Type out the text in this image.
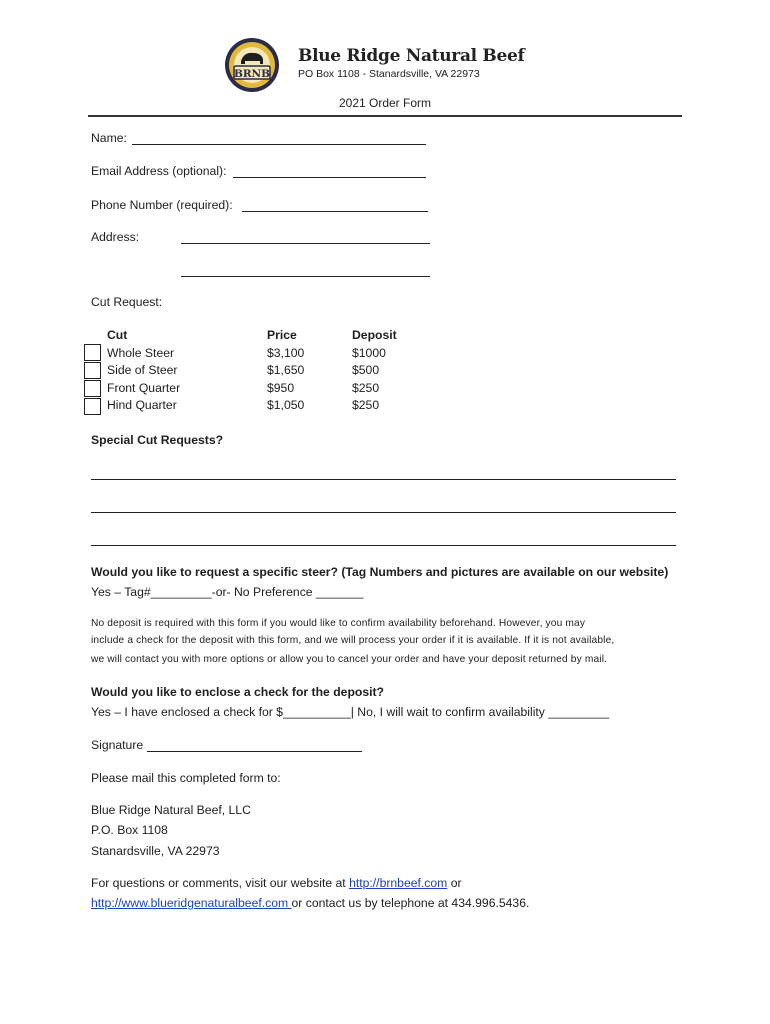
BRNB
Blue Ridge Natural Beef
PO Box 1108 - Stanardsville, VA 22973
2021 Order Form
Name:
Email Address (optional):
Phone Number (required):
Address:
Cut Request:
Cut	Price	Deposit
Whole Steer	$3,100	$1000
Side of Steer	$1,650	$500
Front Quarter	$950	$250
Hind Quarter	$1,050	$250
Special Cut Requests?
Would you like to request a specific steer? (Tag Numbers and pictures are available on our website)
Yes – Tag#_________-or- No Preference _______
No deposit is required with this form if you would like to confirm availability beforehand. However, you may
include a check for the deposit with this form, and we will process your order if it is available. If it is not available,
we will contact you with more options or allow you to cancel your order and have your deposit returned by mail.
Would you like to enclose a check for the deposit?
Yes – I have enclosed a check for $__________| No, I will wait to confirm availability _________
Signature
Please mail this completed form to:
Blue Ridge Natural Beef, LLC
P.O. Box 1108
Stanardsville, VA 22973
For questions or comments, visit our website at http://brnbeef.com or
http://www.blueridgenaturalbeef.com or contact us by telephone at 434.996.5436.
